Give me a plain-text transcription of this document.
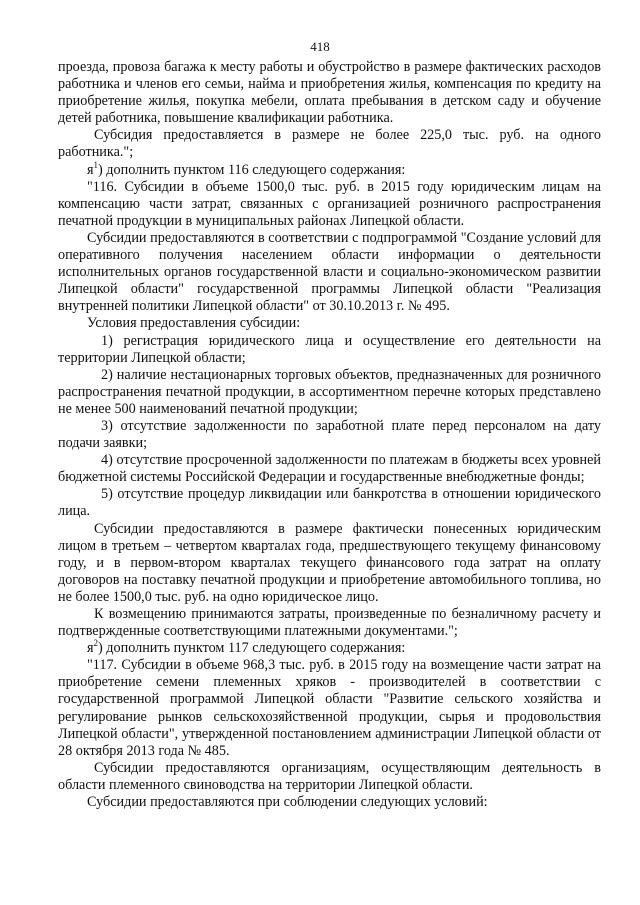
418

проезда, провоза багажа к месту работы и обустройство в размере фактических расходов работника и членов его семьи, найма и приобретения жилья, компенсация по кредиту на приобретение жилья, покупка мебели, оплата пребывания в детском саду и обучение детей работника, повышение квалификации работника.

Субсидия предоставляется в размере не более 225,0 тыс. руб. на одного работника.";

$я^1$) дополнить пунктом 116 следующего содержания:

"116. Субсидии в объеме 1500,0 тыс. руб. в 2015 году юридическим лицам на компенсацию части затрат, связанных с организацией розничного распространения печатной продукции в муниципальных районах Липецкой области.

Субсидии предоставляются в соответствии с подпрограммой "Создание условий для оперативного получения населением области информации о деятельности исполнительных органов государственной власти и социально-экономическом развитии Липецкой области" государственной программы Липецкой области "Реализация внутренней политики Липецкой области" от 30.10.2013 г. № 495.

Условия предоставления субсидии:

1) регистрация юридического лица и осуществление его деятельности на территории Липецкой области;

2) наличие нестационарных торговых объектов, предназначенных для розничного распространения печатной продукции, в ассортиментном перечне которых представлено не менее 500 наименований печатной продукции;

3) отсутствие задолженности по заработной плате перед персоналом на дату подачи заявки;

4) отсутствие просроченной задолженности по платежам в бюджеты всех уровней бюджетной системы Российской Федерации и государственные внебюджетные фонды;

5) отсутствие процедур ликвидации или банкротства в отношении юридического лица.

Субсидии предоставляются в размере фактически понесенных юридическим лицом в третьем – четвертом кварталах года, предшествующего текущему финансовому году, и в первом-втором кварталах текущего финансового года затрат на оплату договоров на поставку печатной продукции и приобретение автомобильного топлива, но не более 1500,0 тыс. руб. на одно юридическое лицо.

К возмещению принимаются затраты, произведенные по безналичному расчету и подтвержденные соответствующими платежными документами.";

$я^2$) дополнить пунктом 117 следующего содержания:

"117. Субсидии в объеме 968,3 тыс. руб. в 2015 году на возмещение части затрат на приобретение семени племенных хряков - производителей в соответствии с государственной программой Липецкой области "Развитие сельского хозяйства и регулирование рынков сельскохозяйственной продукции, сырья и продовольствия Липецкой области", утвержденной постановлением администрации Липецкой области от 28 октября 2013 года № 485.

Субсидии предоставляются организациям, осуществляющим деятельность в области племенного свиноводства на территории Липецкой области.

Субсидии предоставляются при соблюдении следующих условий:
